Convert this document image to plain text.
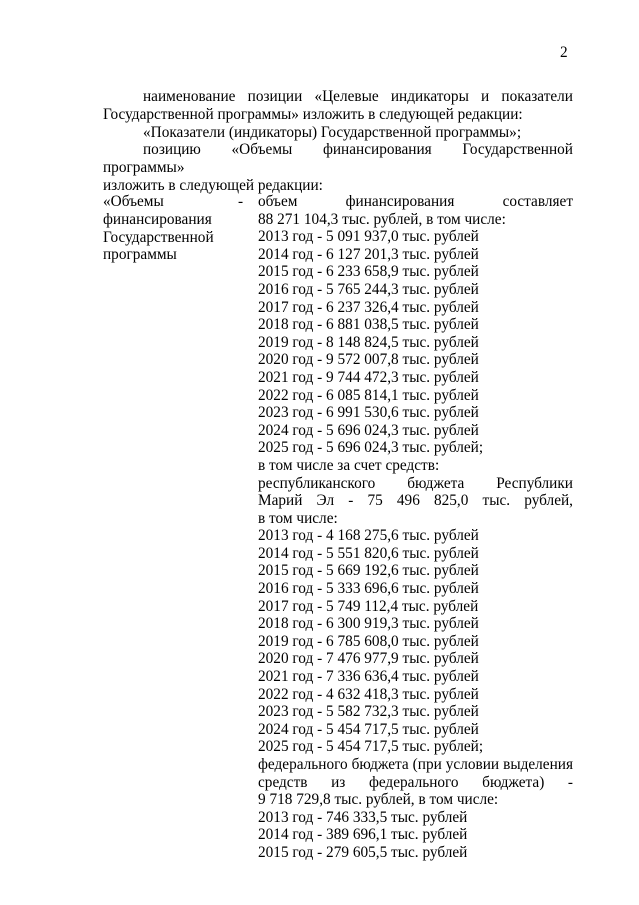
2

наименование позиции «Целевые индикаторы и показатели

Государственной программы» изложить в следующей редакции:

«Показатели (индикаторы) Государственной программы»;

позицию «Объемы финансирования Государственной программы»

изложить в следующей редакции:

«Объемы
финансирования
Государственной
программы
- объем финансирования составляет
88 271 104,3 тыс. рублей, в том числе:
2013 год - 5 091 937,0 тыс. рублей
2014 год - 6 127 201,3 тыс. рублей
2015 год - 6 233 658,9 тыс. рублей
2016 год - 5 765 244,3 тыс. рублей
2017 год - 6 237 326,4 тыс. рублей
2018 год - 6 881 038,5 тыс. рублей
2019 год - 8 148 824,5 тыс. рублей
2020 год - 9 572 007,8 тыс. рублей
2021 год - 9 744 472,3 тыс. рублей
2022 год - 6 085 814,1 тыс. рублей
2023 год - 6 991 530,6 тыс. рублей
2024 год - 5 696 024,3 тыс. рублей
2025 год - 5 696 024,3 тыс. рублей;
в том числе за счет средств:
республиканского бюджета Республики
Марий Эл - 75 496 825,0 тыс. рублей,
в том числе:
2013 год - 4 168 275,6 тыс. рублей
2014 год - 5 551 820,6 тыс. рублей
2015 год - 5 669 192,6 тыс. рублей
2016 год - 5 333 696,6 тыс. рублей
2017 год - 5 749 112,4 тыс. рублей
2018 год - 6 300 919,3 тыс. рублей
2019 год - 6 785 608,0 тыс. рублей
2020 год - 7 476 977,9 тыс. рублей
2021 год - 7 336 636,4 тыс. рублей
2022 год - 4 632 418,3 тыс. рублей
2023 год - 5 582 732,3 тыс. рублей
2024 год - 5 454 717,5 тыс. рублей
2025 год - 5 454 717,5 тыс. рублей;
федерального бюджета (при условии выделения
средств из федерального бюджета) -
9 718 729,8 тыс. рублей, в том числе:
2013 год - 746 333,5 тыс. рублей
2014 год - 389 696,1 тыс. рублей
2015 год - 279 605,5 тыс. рублей
